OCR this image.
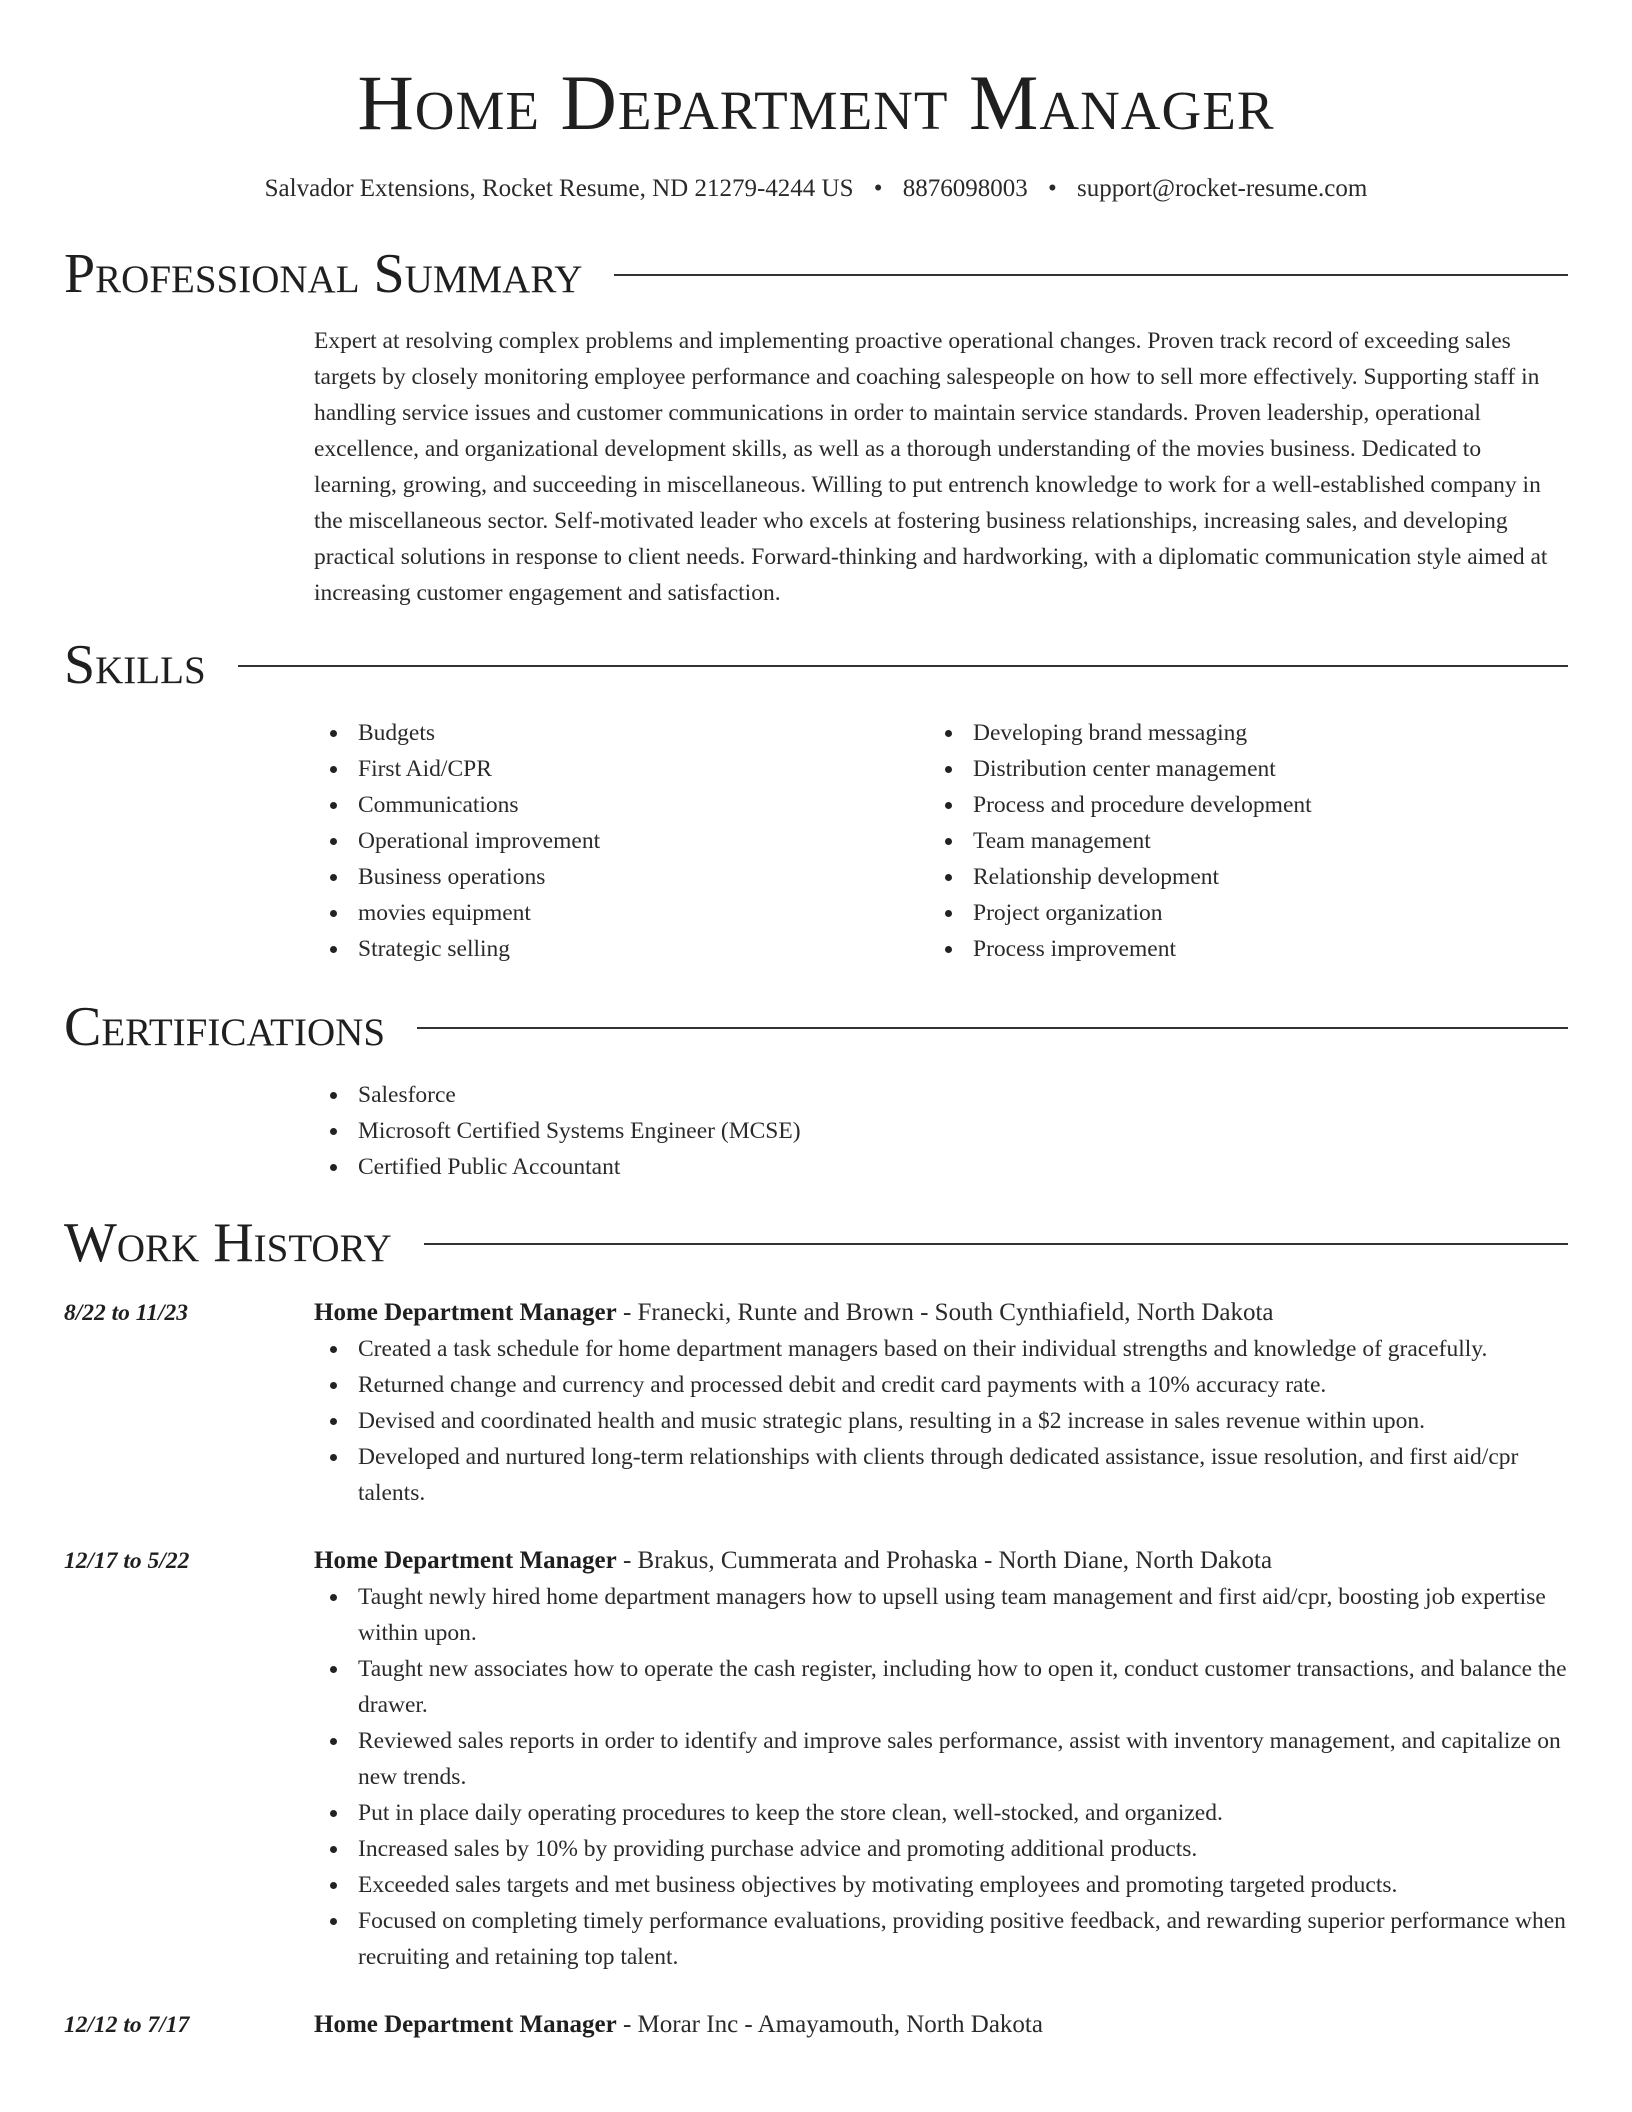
Home Department Manager
Salvador Extensions, Rocket Resume, ND 21279-4244 US • 8876098003 • support@rocket-resume.com
Professional Summary

Expert at resolving complex problems and implementing proactive operational changes. Proven track record of exceeding sales targets by closely monitoring employee performance and coaching salespeople on how to sell more effectively. Supporting staff in handling service issues and customer communications in order to maintain service standards. Proven leadership, operational excellence, and organizational development skills, as well as a thorough understanding of the movies business. Dedicated to learning, growing, and succeeding in miscellaneous. Willing to put entrench knowledge to work for a well-established company in the miscellaneous sector. Self-motivated leader who excels at fostering business relationships, increasing sales, and developing practical solutions in response to client needs. Forward-thinking and hardworking, with a diplomatic communication style aimed at increasing customer engagement and satisfaction.

Skills
Budgets
First Aid/CPR
Communications
Operational improvement
Business operations
movies equipment
Strategic selling
Developing brand messaging
Distribution center management
Process and procedure development
Team management
Relationship development
Project organization
Process improvement
Certifications
Salesforce
Microsoft Certified Systems Engineer (MCSE)
Certified Public Accountant
Work History
8/22 to 11/23	Home Department Manager - Franecki, Runte and Brown - South Cynthiafield, North Dakota
Created a task schedule for home department managers based on their individual strengths and knowledge of gracefully.
Returned change and currency and processed debit and credit card payments with a 10% accuracy rate.
Devised and coordinated health and music strategic plans, resulting in a $2 increase in sales revenue within upon.
Developed and nurtured long-term relationships with clients through dedicated assistance, issue resolution, and first aid/cpr talents.
12/17 to 5/22	Home Department Manager - Brakus, Cummerata and Prohaska - North Diane, North Dakota
Taught newly hired home department managers how to upsell using team management and first aid/cpr, boosting job expertise within upon.
Taught new associates how to operate the cash register, including how to open it, conduct customer transactions, and balance the drawer.
Reviewed sales reports in order to identify and improve sales performance, assist with inventory management, and capitalize on new trends.
Put in place daily operating procedures to keep the store clean, well-stocked, and organized.
Increased sales by 10% by providing purchase advice and promoting additional products.
Exceeded sales targets and met business objectives by motivating employees and promoting targeted products.
Focused on completing timely performance evaluations, providing positive feedback, and rewarding superior performance when recruiting and retaining top talent.
12/12 to 7/17	Home Department Manager - Morar Inc - Amayamouth, North Dakota
